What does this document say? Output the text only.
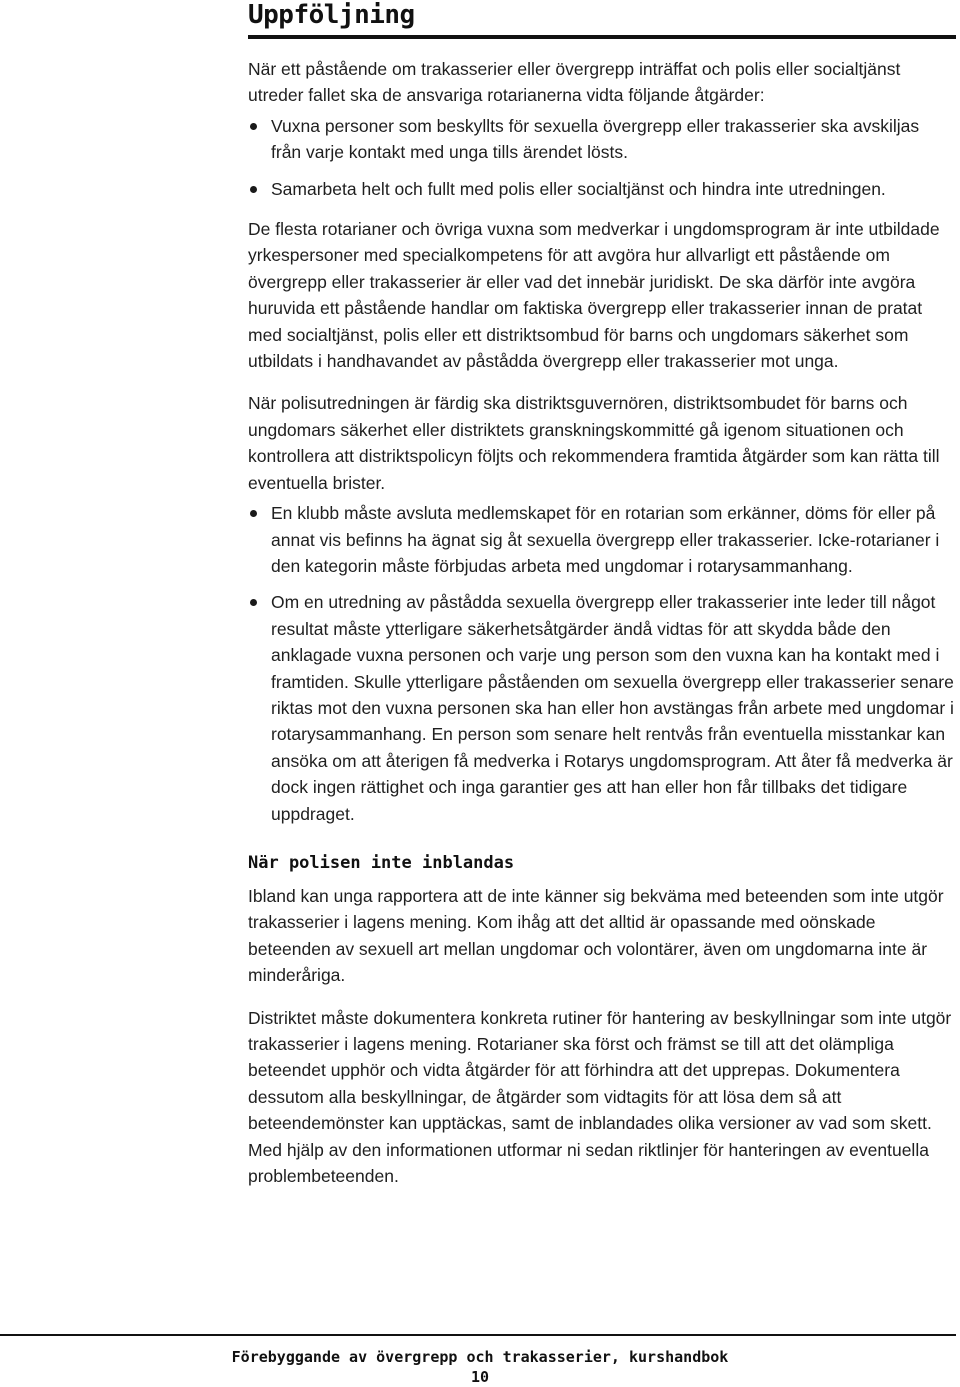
Uppföljning

När ett påstående om trakasserier eller övergrepp inträffat och polis eller socialtjänst utreder fallet ska de ansvariga rotarianerna vidta följande åtgärder:

Vuxna personer som beskyllts för sexuella övergrepp eller trakasserier ska avskiljas från varje kontakt med unga tills ärendet lösts.
Samarbeta helt och fullt med polis eller socialtjänst och hindra inte utredningen.

De flesta rotarianer och övriga vuxna som medverkar i ungdomsprogram är inte utbildade yrkespersoner med specialkompetens för att avgöra hur allvarligt ett påstående om övergrepp eller trakasserier är eller vad det innebär juridiskt. De ska därför inte avgöra huruvida ett påstående handlar om faktiska övergrepp eller trakasserier innan de pratat med socialtjänst, polis eller ett distriktsombud för barns och ungdomars säkerhet som utbildats i handhavandet av påstådda övergrepp eller trakasserier mot unga.

När polisutredningen är färdig ska distriktsguvernören, distriktsombudet för barns och ungdomars säkerhet eller distriktets granskningskommitté gå igenom situationen och kontrollera att distriktspolicyn följts och rekommendera framtida åtgärder som kan rätta till eventuella brister.

En klubb måste avsluta medlemskapet för en rotarian som erkänner, döms för eller på annat vis befinns ha ägnat sig åt sexuella övergrepp eller trakasserier. Icke-rotarianer i den kategorin måste förbjudas arbeta med ungdomar i rotarysammanhang.
Om en utredning av påstådda sexuella övergrepp eller trakasserier inte leder till något resultat måste ytterligare säkerhetsåtgärder ändå vidtas för att skydda både den anklagade vuxna personen och varje ung person som den vuxna kan ha kontakt med i framtiden. Skulle ytterligare påståenden om sexuella övergrepp eller trakasserier senare riktas mot den vuxna personen ska han eller hon avstängas från arbete med ungdomar i rotarysammanhang. En person som senare helt rentvås från eventuella misstankar kan ansöka om att återigen få medverka i Rotarys ungdomsprogram. Att åter få medverka är dock ingen rättighet och inga garantier ges att han eller hon får tillbaks det tidigare uppdraget.
När polisen inte inblandas

Ibland kan unga rapportera att de inte känner sig bekväma med beteenden som inte utgör trakasserier i lagens mening. Kom ihåg att det alltid är opassande med oönskade beteenden av sexuell art mellan ungdomar och volontärer, även om ungdomarna inte är minderåriga.

Distriktet måste dokumentera konkreta rutiner för hantering av beskyllningar som inte utgör trakasserier i lagens mening. Rotarianer ska först och främst se till att det olämpliga beteendet upphör och vidta åtgärder för att förhindra att det upprepas. Dokumentera dessutom alla beskyllningar, de åtgärder som vidtagits för att lösa dem så att beteendemönster kan upptäckas, samt de inblandades olika versioner av vad som skett. Med hjälp av den informationen utformar ni sedan riktlinjer för hanteringen av eventuella problembeteenden.

Förebyggande av övergrepp och trakasserier, kurshandbok
10
